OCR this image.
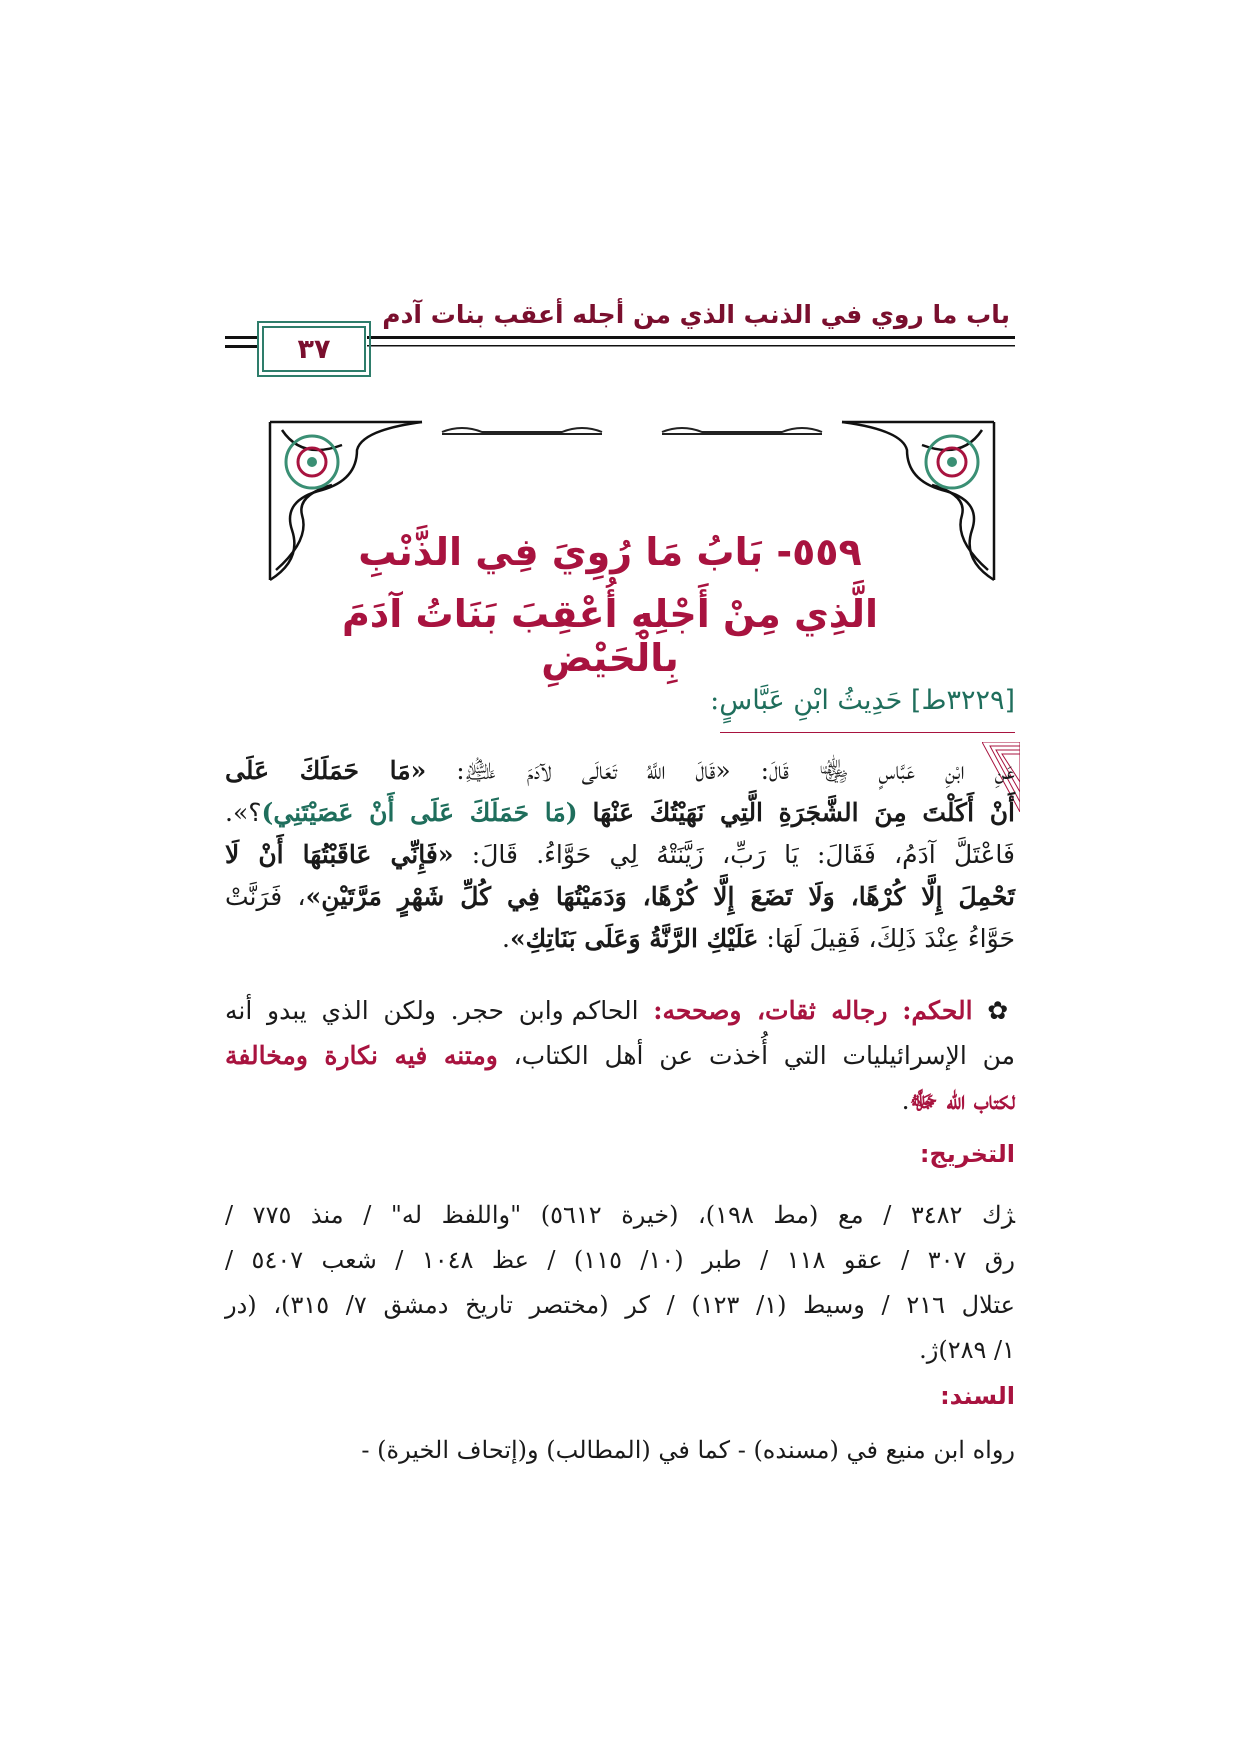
باب ما روي في الذنب الذي من أجله أعقب بنات آدم
٣٧
٥٥٩- بَابُ مَا رُوِيَ فِي الذَّنْبِ
الَّذِي مِنْ أَجْلِهِ أُعْقِبَ بَنَاتُ آدَمَ بِالْحَيْضِ
[٣٢٢٩ط] حَدِيثُ ابْنِ عَبَّاسٍ:
عَنِ ابْنِ عَبَّاسٍ ﵄ قَالَ: «قَالَ اللَّهُ تَعَالَى لآدَمَ ﵇: «مَا حَمَلَكَ عَلَى
أَنْ أَكَلْتَ مِنَ الشَّجَرَةِ الَّتِي نَهَيْتُكَ عَنْهَا (مَا حَمَلَكَ عَلَى أَنْ عَصَيْتَنِي)؟».
فَاعْتَلَّ آدَمُ، فَقَالَ: يَا رَبِّ، زَيَّنَتْهُ لِي حَوَّاءُ. قَالَ: «فَإِنِّي عَاقَبْتُهَا أَنْ لَا
تَحْمِلَ إِلَّا كُرْهًا، وَلَا تَضَعَ إِلَّا كُرْهًا، وَدَمَيْتُهَا فِي كُلِّ شَهْرٍ مَرَّتَيْنِ»، فَرَنَّتْ
حَوَّاءُ عِنْدَ ذَلِكَ، فَقِيلَ لَهَا: عَلَيْكِ الرَّنَّةُ وَعَلَى بَنَاتِكِ».
✿ الحكم: رجاله ثقات، وصححه: الحاكم وابن حجر. ولكن الذي يبدو أنه
من الإسرائيليات التي أُخذت عن أهل الكتاب، ومتنه فيه نكارة ومخالفة
لكتاب الله ﷻ.
التخريج:
ﮋك ٣٤٨٢ / مع (مط ١٩٨)، (خيرة ٥٦١٢) "واللفظ له" / منذ ٧٧٥ /
رق ٣٠٧ / عقو ١١٨ / طبر (١٠/ ١١٥) / عظ ١٠٤٨ / شعب ٥٤٠٧ /
عتلال ٢١٦ / وسيط (١/ ١٢٣) / كر (مختصر تاريخ دمشق ٧/ ٣١٥)، (در
١/ ٢٨٩)ﮊ.
السند:
رواه ابن منيع في (مسنده) - كما في (المطالب) و(إتحاف الخيرة) -
